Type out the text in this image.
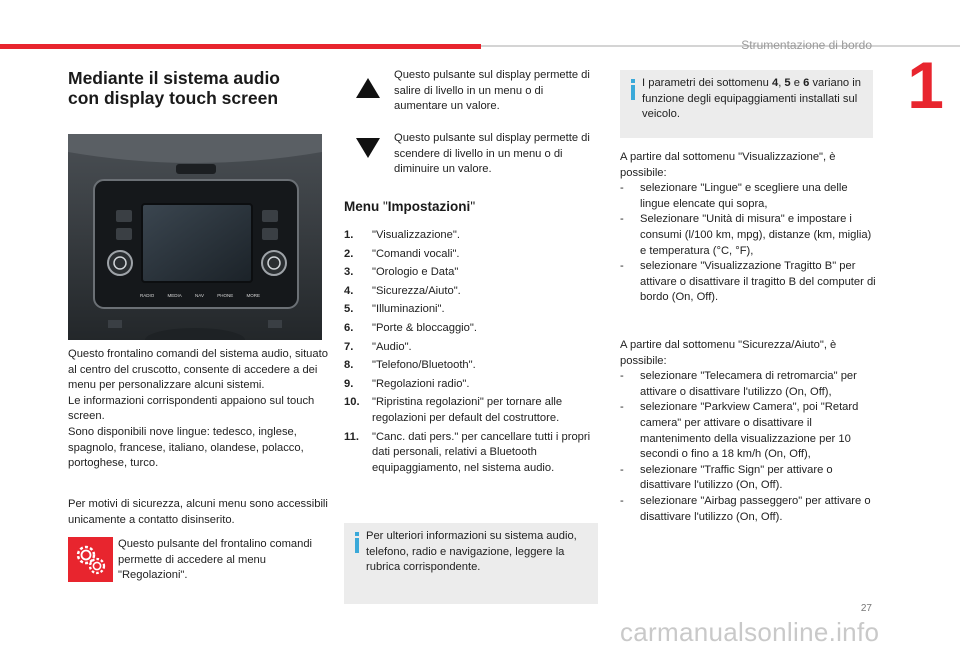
Strumentazione di bordo
1
Mediante il sistema audio
con display touch screen
RADIO	MEDIA	NAV	PHONE	MORE
Questo frontalino comandi del sistema audio, situato al centro del cruscotto, consente di accedere a dei menu per personalizzare alcuni sistemi.
Le informazioni corrispondenti appaiono sul touch screen.
Sono disponibili nove lingue: tedesco, inglese, spagnolo, francese, italiano, olandese, polacco, portoghese, turco.
Per motivi di sicurezza, alcuni menu sono accessibili unicamente a contatto disinserito.
Questo pulsante del frontalino comandi permette di accedere al menu "Regolazioni".
Questo pulsante sul display permette di salire di livello in un menu o di aumentare un valore.
Questo pulsante sul display permette di scendere di livello in un menu o di diminuire un valore.
Menu "Impostazioni"
1. "Visualizzazione".
2. "Comandi vocali".
3. "Orologio e Data"
4. "Sicurezza/Aiuto".
5. "Illuminazioni".
6. "Porte & bloccaggio".
7. "Audio".
8. "Telefono/Bluetooth".
9. "Regolazioni radio".
10. "Ripristina regolazioni" per tornare alle regolazioni per default del costruttore.
11. "Canc. dati pers." per cancellare tutti i propri dati personali, relativi a Bluetooth equipaggiamento, nel sistema audio.
Per ulteriori informazioni su sistema audio, telefono, radio e navigazione, leggere la rubrica corrispondente.
I parametri dei sottomenu 4, 5 e 6 variano in funzione degli equipaggiamenti installati sul veicolo.
A partire dal sottomenu "Visualizzazione", è possibile:
- selezionare "Lingue" e scegliere una delle lingue elencate qui sopra,
- Selezionare "Unità di misura" e impostare i consumi (l/100 km, mpg), distanze (km, miglia) e temperatura (°C, °F),
- selezionare "Visualizzazione Tragitto B" per attivare o disattivare il tragitto B del computer di bordo (On, Off).
A partire dal sottomenu "Sicurezza/Aiuto", è possibile:
- selezionare "Telecamera di retromarcia" per attivare o disattivare l'utilizzo (On, Off),
- selezionare "Parkview Camera", poi "Retard camera" per attivare o disattivare il mantenimento della visualizzazione per 10 secondi o fino a 18 km/h (On, Off),
- selezionare "Traffic Sign" per attivare o disattivare l'utilizzo (On, Off).
- selezionare "Airbag passeggero" per attivare o disattivare l'utilizzo (On, Off).
27
carmanualsonline.info
